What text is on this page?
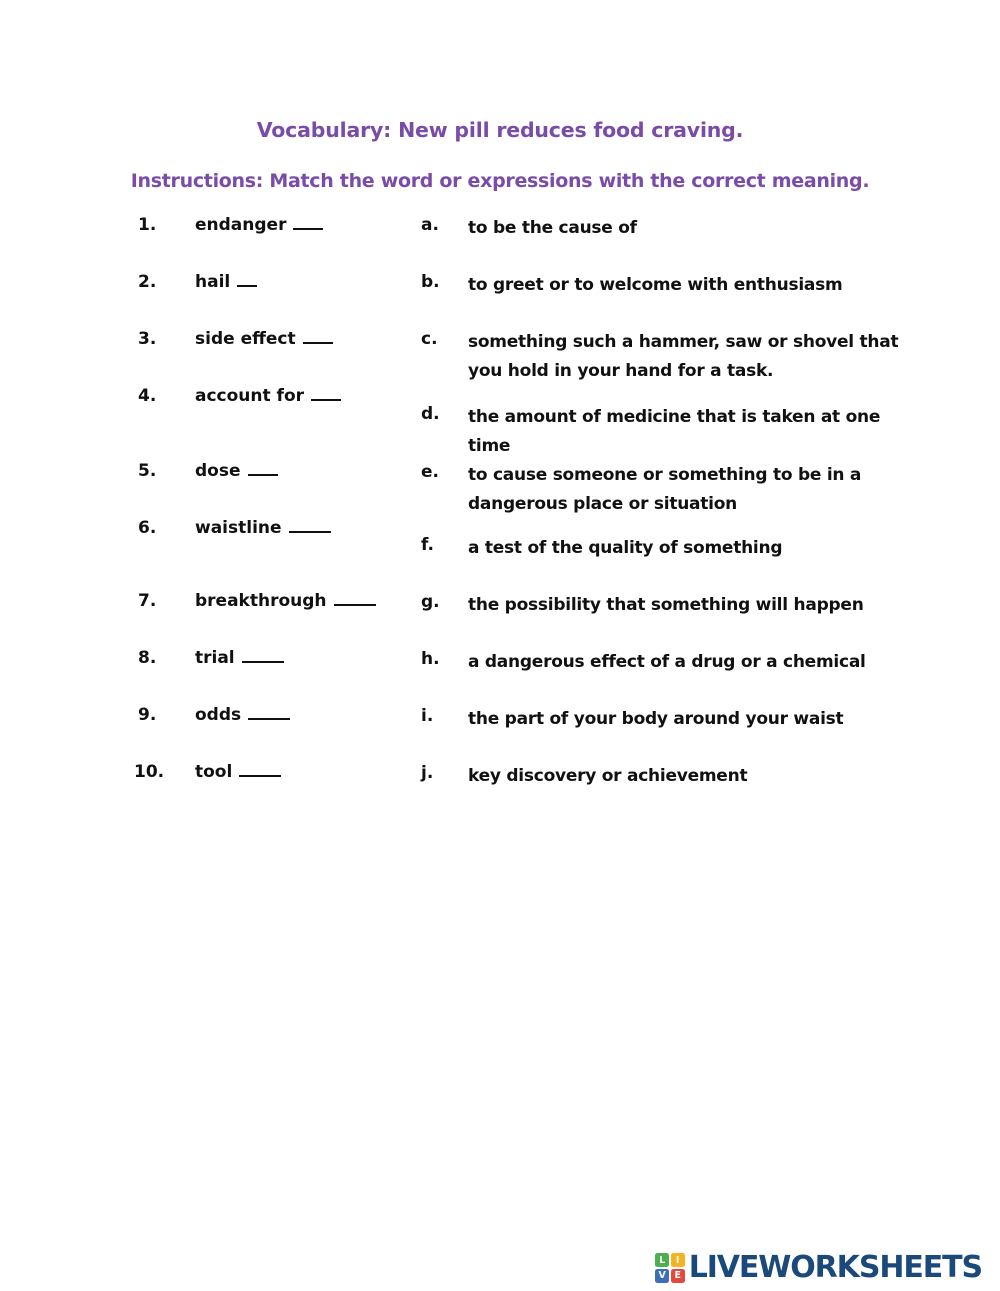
Vocabulary: New pill reduces food craving.
Instructions: Match the word or expressions with the correct meaning.
1. endanger
2. hail
3. side effect
4. account for
5. dose
6. waistline
7. breakthrough
8. trial
9. odds
10. tool
a. to be the cause of
b. to greet or to welcome with enthusiasm
c. something such a hammer, saw or shovel that you hold in your hand for a task.
d. the amount of medicine that is taken at one time
e. to cause someone or something to be in a dangerous place or situation
f. a test of the quality of something
g. the possibility that something will happen
h. a dangerous effect of a drug or a chemical
i. the part of your body around your waist
j. key discovery or achievement
L I
V E LIVEWORKSHEETS
